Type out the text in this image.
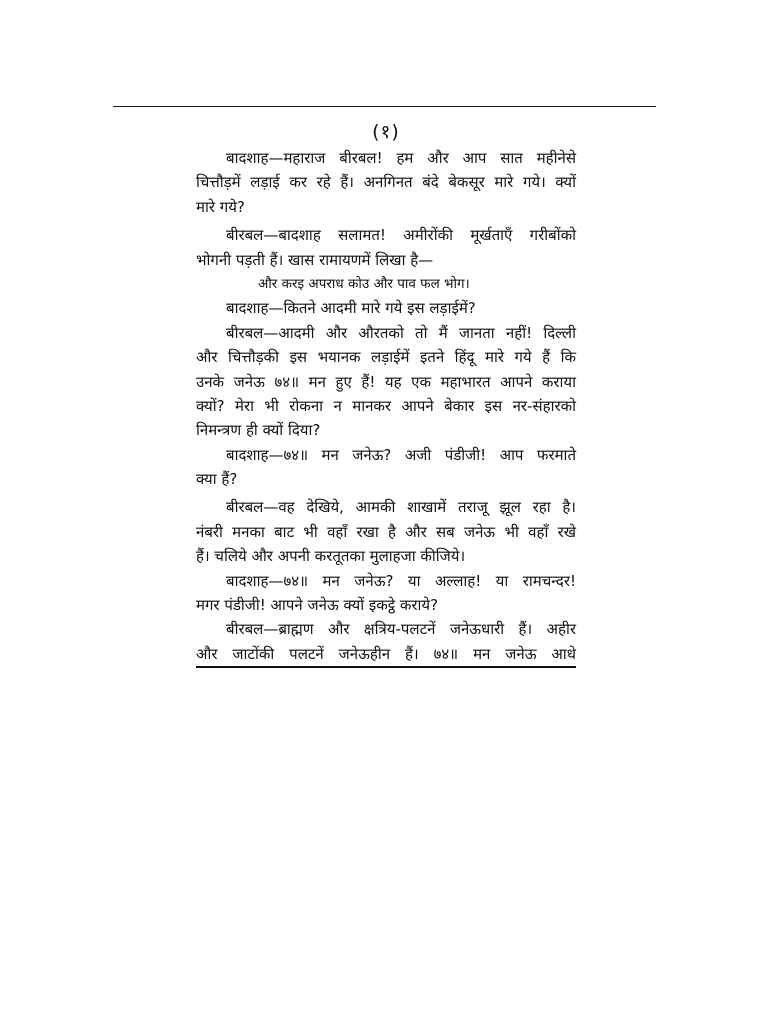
(१)
बादशाह—महाराज बीरबल! हम और आप सात महीनेसे
चित्तौड़में लड़ाई कर रहे हैं। अनगिनत बंदे बेकसूर मारे गये। क्यों
मारे गये?
बीरबल—बादशाह सलामत! अमीरोंकी मूर्खताएँ गरीबोंको
भोगनी पड़ती हैं। खास रामायणमें लिखा है—
और करइ अपराध कोउ और पाव फल भोग।
बादशाह—कितने आदमी मारे गये इस लड़ाईमें?
बीरबल—आदमी और औरतको तो मैं जानता नहीं! दिल्ली
और चित्तौड़की इस भयानक लड़ाईमें इतने हिंदू मारे गये हैं कि
उनके जनेऊ ७४॥ मन हुए हैं! यह एक महाभारत आपने कराया
क्यों? मेरा भी रोकना न मानकर आपने बेकार इस नर-संहारको
निमन्त्रण ही क्यों दिया?
बादशाह—७४॥ मन जनेऊ? अजी पंडीजी! आप फरमाते
क्या हैं?
बीरबल—वह देखिये, आमकी शाखामें तराजू झूल रहा है।
नंबरी मनका बाट भी वहाँ रखा है और सब जनेऊ भी वहाँ रखे
हैं। चलिये और अपनी करतूतका मुलाहजा कीजिये।
बादशाह—७४॥ मन जनेऊ? या अल्लाह! या रामचन्दर!
मगर पंडीजी! आपने जनेऊ क्यों इकट्ठे कराये?
बीरबल—ब्राह्मण और क्षत्रिय-पलटनें जनेऊधारी हैं। अहीर
और जाटोंकी पलटनें जनेऊहीन हैं। ७४॥ मन जनेऊ आधे
